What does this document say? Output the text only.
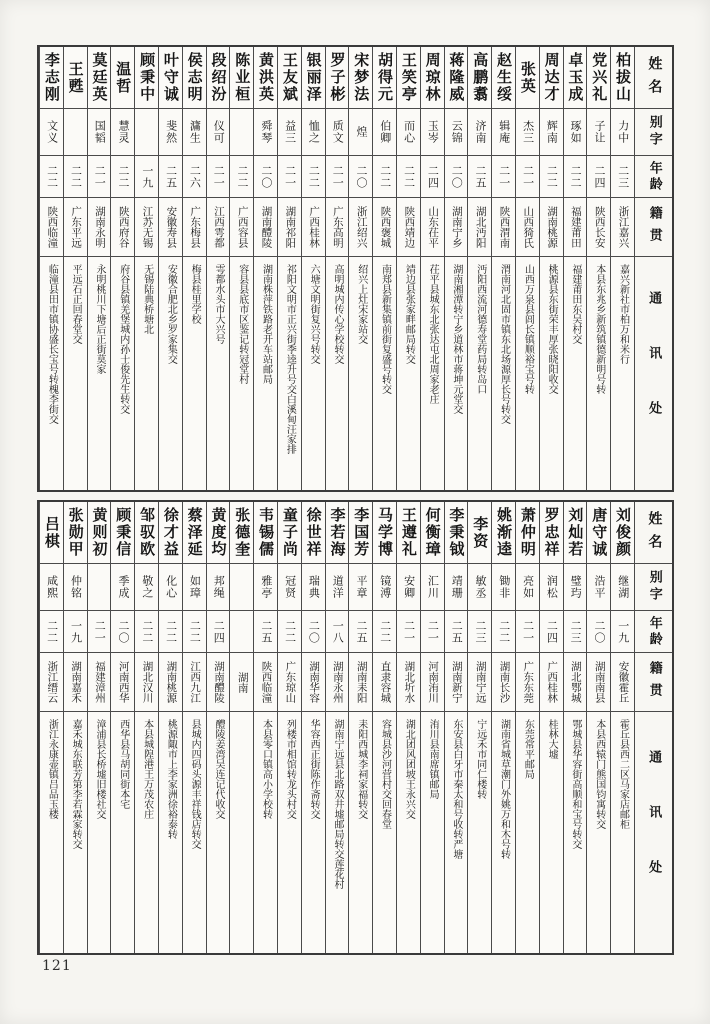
姓名
别字
年龄
籍贯
通讯处
柏拔山
力中
二三
浙江嘉兴
嘉兴新社市柏万和米行
党兴礼
子让
二四
陕西长安
本县东兆乡新筑镇德新明号转
卓玉成
琢如
二二
福建莆田
福建莆田东吴村交
周达才
辉南
二二
湖南桃源
桃源县东街荣丰厚张晓阳收交
张英
杰三
二一
山西猗氏
山西万泉县闾长镇顺裕宝号转
赵生绥
辑庵
二一
陕西渭南
渭南河北固市镇东北场源厚长号转交
高鹏翥
济南
二五
湖北沔阳
沔阳西流河德寿堂药局转岛口
蒋隆威
云锦
二〇
湖南宁乡
湖南湘潭转宁乡道林市蒋坤元堂交
周琼林
玉岑
二四
山东茌平
茌平县城东北张达屯北周家老庄
王笑亭
而心
二二
陕西靖边
靖边县张家畔邮局转交
胡得元
伯卿
二二
陕西褒城
南郑县新集镇前街复盛号转交
宋梦法
煌
二〇
浙江绍兴
绍兴上灶宋家站交
罗子彬
质文
二一
广东高明
高明城内传心学校转交
银丽泽
恤之
二二
广西桂林
六塘文明街复兴号转交
王友斌
益三
二一
湖南祁阳
祁阳文明市正兴街季逵升号交白溪甸汪家排
黄洪英
舜琴
二〇
湖南醴陵
湖南株萍铁路老开车站邮局
陈业桓
二二
广西容县
容县县底市区鉴记转冠堂村
段绍汾
仪可
二一
江西雩都
雩都水头市大兴号
侯志明
滽生
二六
广东梅县
梅县桂里学校
叶守诚
斐然
二五
安徽寿县
安徽合肥北乡罗家集交
顾秉中
一九
江苏无锡
无锡陆典桥塘北
温哲
慧灵
二二
陕西府谷
府谷县镇羌堡城内孙士俊先生转交
莫廷英
国韬
二一
湖南永明
永明桃川下塘后正街莫家
王甦
二二
广东平远
平远石正回春堂交
李志刚
文义
二二
陕西临潼
临潼县田市镇协盛长宝号转槐李街交
姓名
别字
年龄
籍贯
通讯处
刘俊颜
继湖
一九
安徽霍丘
霍丘县西二区马家店邮柜
唐守诚
浩平
二〇
湖南南县
本县西辕门熊国钧寓转交
刘灿若
璧玙
二三
湖北鄂城
鄂城县华容街高顺和宝号转交
罗忠祥
润松
二四
广西桂林
桂林大墟
萧仲明
亮如
二一
广东东莞
东莞常平邮局
姚渐逵
锄非
二二
湖南长沙
湖南省城草潮门外姚万和木号转
李资
敏丞
二三
湖南宁远
宁远禾市同仁楼转
李秉钺
靖珊
二五
湖南新宁
东安县白牙市秦太和号收转严塘
何衡璋
汇川
二一
河南洧川
洧川县南席镇邮局
王遵礼
安卿
二一
湖北圻水
湖北团风团坡王永兴交
马学博
镜溥
二二
直隶容城
容城县沙河营村交回春堂
李国芳
平章
二五
湖南耒阳
耒阳西城李祠家福转交
李若海
道洋
一八
湖南永州
湖南宁远县北路双井墟邮局转交莲花村
徐世祥
瑞典
二〇
湖南华容
华容西正街陈作斋转交
童子尚
冠贤
二二
广东琼山
列楼市相馆转龙头村交
韦锡儒
雅亭
二五
陕西临潼
本县零口镇高小学校转
张德奎
湖南
黄度均
邦绳
二四
湖南醴陵
醴陵姜湾吴连记代收交
蔡泽延
如璋
二二
江西九江
县城内四码头源丰祥钱店转交
徐才益
化心
二二
湖南桃源
桃源陬市上李家洲徐裕泰转
邹驭欧
敬之
二二
湖北汉川
本县城隍港王万茂农庄
顾秉信
季成
二〇
河南西华
西华县马胡同街本宅
黄则初
二一
福建漳州
漳浦县长桥墟旧楼社交
张勋甲
仲铭
一九
湖南嘉禾
嘉禾城东联芳第李若霖家转交
吕棋
咸熙
二二
浙江缙云
浙江永康壶镇吕品玉楼
121
